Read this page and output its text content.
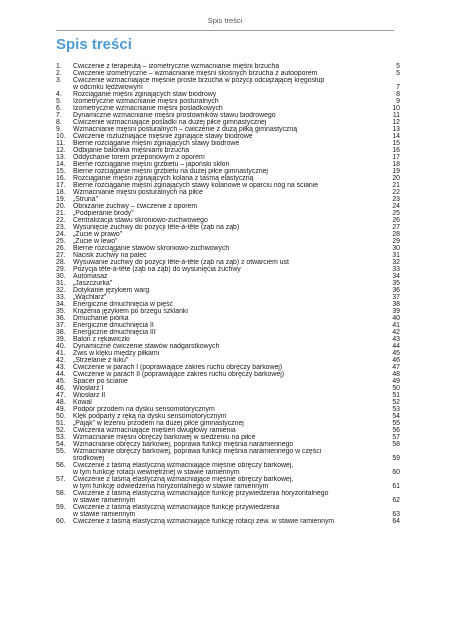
Spis treści
Spis treści
1.	Ćwiczenie z terapeutą – izometryczne wzmacnianie mięśni brzucha	5
2.	Ćwiczenie izometryczne – wzmacnianie mięśni skośnych brzucha z autooporem	5
3.	Ćwiczenie wzmacniające mięśnie proste brzucha w pozycji odciążającej kręgosłup
w odcinku lędźwiowym	7
4.	Rozciąganie mięśni zginających staw biodrowy	8
5.	Izometryczne wzmacnianie mięśni posturalnych	9
6.	Izometryczne wzmacnianie mięśni pośladkowych	10
7.	Dynamiczne wzmacnianie mięśni prostowników stawu biodrowego	11
8.	Ćwiczenie wzmacniające pośladki na dużej piłce gimnastycznej	12
9.	Wzmacnianie mięśni posturalnych – ćwiczenie z dużą piłką gimnastyczną	13
10.	Ćwiczenie rozluźniające mięśnie zginające stawy biodrowe	14
11.	Bierne rozciąganie mięśni zginających stawy biodrowe	15
12.	Odbijanie balonika mięśniami brzucha	16
13.	Oddychanie torem przeponowym z oporem	17
14.	Bierne rozciąganie mięśni grzbietu – japoński skłon	18
15.	Bierne rozciąganie mięśni grzbietu na dużej piłce gimnastycznej	19
16.	Rozciąganie mięśni zginających kolana z taśmą elastyczną	20
17.	Bierne rozciąganie mięśni zginających stawy kolanowe w oparciu nóg na ścianie	21
18.	Wzmacnianie mięśni posturalnych na piłce	22
19.	„Struna”	23
20.	Obniżanie żuchwy – ćwiczenie z oporem	24
21.	„Podpieranie brody”	25
22.	Centralizacja stawu skroniowo-żuchwowego	26
23.	Wysunięcie żuchwy do pozycji tête-à-tête (ząb na ząb)	27
24.	„Żucie w prawo”	28
25.	„Żucie w lewo”	29
26.	Bierne rozciąganie stawów skroniowo-żuchwowych	30
27.	Nacisk żuchwy na palec	31
28.	Wysuwanie żuchwy do pozycji tête-à-tête (ząb na ząb) z otwarciem ust	32
29.	Pozycja tête-à-tête (ząb na ząb) do wysunięcia żuchwy	33
30.	Automasaż	34
31.	„Jaszczurka”	35
32.	Dotykanie językiem warg	36
33.	„Wąchlarz”	37
34.	Energiczne dmuchnięcia w pięść	38
35.	Krążenia językiem po brzegu szklanki	39
36.	Dmuchanie piórka	40
37.	Energiczne dmuchnięcia II	41
38.	Energiczne dmuchnięcia III	42
39.	Balon z rękawiczki	43
40.	Dynamiczne ćwiczenie stawów nadgarstkowych	44
41.	Zwis w klęku między piłkami	45
42.	„Strzelanie z łuku”	46
43.	Ćwiczenie w parach I (poprawiające zakres ruchu obręczy barkowej)	47
44.	Ćwiczenie w parach II (poprawiające zakres ruchu obręczy barkowej)	48
45.	Spacer po ścianie	49
46.	Wiosłarz I	50
47.	Wiosłarz II	51
48.	Kowal	52
49.	Podpór przodem na dysku sensomotorycznym	53
50.	Klęk podparty z ręką na dysku sensomotorycznym	54
51.	„Pająk” w leżeniu przodem na dużej piłce gimnastycznej	55
52.	Ćwiczenia wzmacniające mięśień dwugłowy ramienia	56
53.	Wzmacnianie mięśni obręczy barkowej w siedzeniu na piłce	57
54.	Wzmacnianie obręczy barkowej, poprawa funkcji mięśnia naramiennego	58
55.	Wzmacnianie obręczy barkowej, poprawa funkcji mięśnia naramiennego w części
środkowej	59
56.	Ćwiczenie z taśmą elastyczną wzmacniające mięśnie obręczy barkowej,
w tym funkcję rotacji wewnętrznej w stawie ramiennym	60
57.	Ćwiczenie z taśmą elastyczną wzmacniające mięśnie obręczy barkowej,
w tym funkcję odwiedzenia horyzontalnego w stawie ramiennym	61
58.	Ćwiczenie z taśmą elastyczną wzmacniające funkcję przywiedzenia horyzontalnego
w stawie ramiennym	62
59.	Ćwiczenie z taśmą elastyczną wzmacniające funkcję przywiedzenia
w stawie ramiennym	63
60.	Ćwiczenie z taśmą elastyczną wzmacniające funkcję rotacji zew. w stawie ramiennym	64
